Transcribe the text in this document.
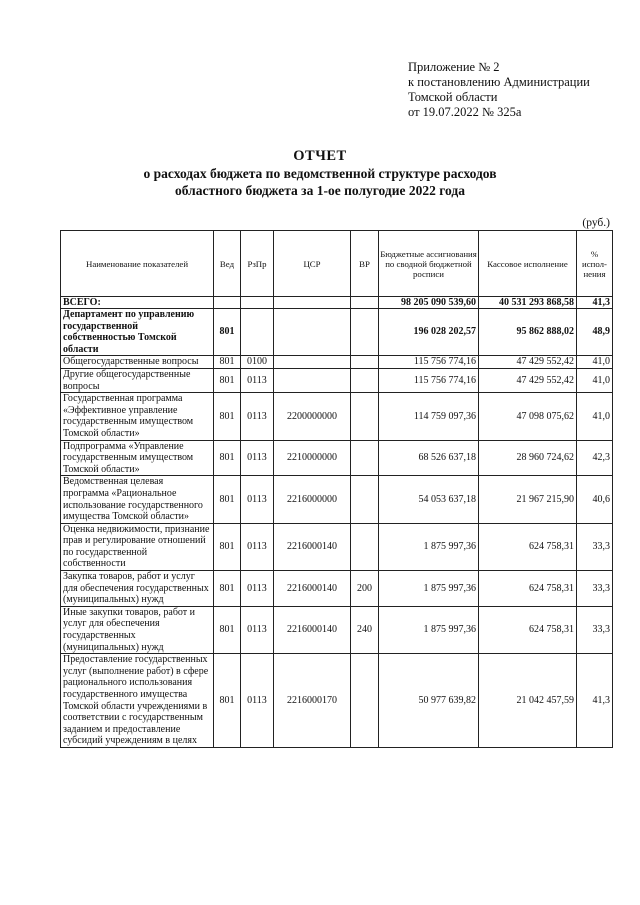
Приложение № 2
к постановлению Администрации
Томской области
от 19.07.2022 № 325а
ОТЧЕТ
о расходах бюджета по ведомственной структуре расходов
областного бюджета за 1-ое полугодие 2022 года
(руб.)
Наименование показателей	Вед	РзПр	ЦСР	ВР	Бюджетные ассигнования по сводной бюджетной росписи	Кассовое исполнение	% испол-нения
ВСЕГО:					98 205 090 539,60	40 531 293 868,58	41,3
Департамент по управлению государственной собственностью Томской области	801				196 028 202,57	95 862 888,02	48,9
Общегосударственные вопросы	801	0100			115 756 774,16	47 429 552,42	41,0
Другие общегосударственные вопросы	801	0113			115 756 774,16	47 429 552,42	41,0
Государственная программа «Эффективное управление государственным имуществом Томской области»	801	0113	2200000000		114 759 097,36	47 098 075,62	41,0
Подпрограмма «Управление государственным имуществом Томской области»	801	0113	2210000000		68 526 637,18	28 960 724,62	42,3
Ведомственная целевая программа «Рациональное использование государственного имущества Томской области»	801	0113	2216000000		54 053 637,18	21 967 215,90	40,6
Оценка недвижимости, признание прав и регулирование отношений по государственной собственности	801	0113	2216000140		1 875 997,36	624 758,31	33,3
Закупка товаров, работ и услуг для обеспечения государственных (муниципальных) нужд	801	0113	2216000140	200	1 875 997,36	624 758,31	33,3
Иные закупки товаров, работ и услуг для обеспечения государственных (муниципальных) нужд	801	0113	2216000140	240	1 875 997,36	624 758,31	33,3
Предоставление государственных услуг (выполнение работ) в сфере рационального использования государственного имущества Томской области учреждениями в соответствии с государственным заданием и предоставление субсидий учреждениям в целях	801	0113	2216000170		50 977 639,82	21 042 457,59	41,3
